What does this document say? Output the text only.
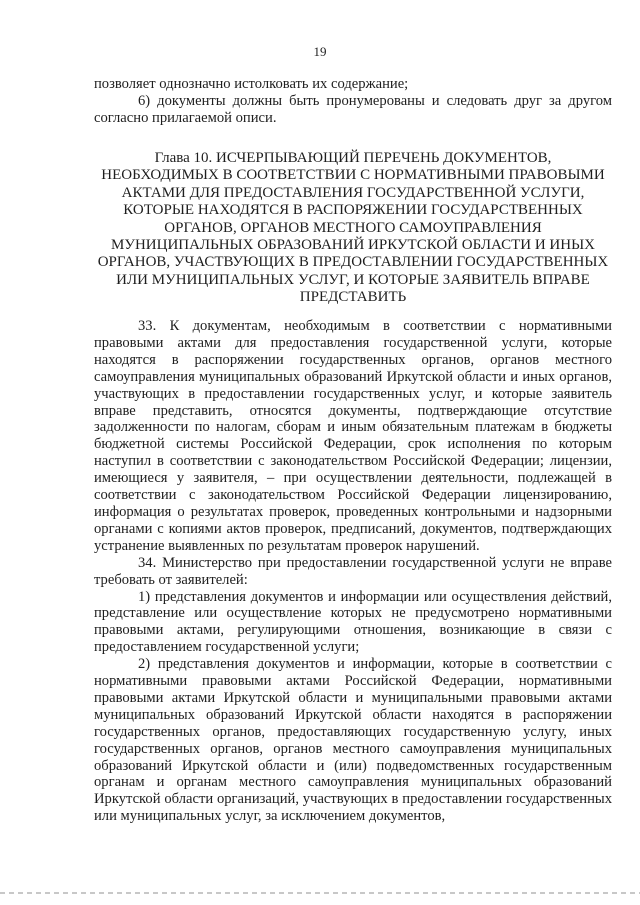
19

позволяет однозначно истолковать их содержание;

6) документы должны быть пронумерованы и следовать друг за другом согласно прилагаемой описи.

Глава 10. ИСЧЕРПЫВАЮЩИЙ ПЕРЕЧЕНЬ ДОКУМЕНТОВ, НЕОБХОДИМЫХ В СООТВЕТСТВИИ С НОРМАТИВНЫМИ ПРАВОВЫМИ АКТАМИ ДЛЯ ПРЕДОСТАВЛЕНИЯ ГОСУДАРСТВЕННОЙ УСЛУГИ, КОТОРЫЕ НАХОДЯТСЯ В РАСПОРЯЖЕНИИ ГОСУДАРСТВЕННЫХ ОРГАНОВ, ОРГАНОВ МЕСТНОГО САМОУПРАВЛЕНИЯ МУНИЦИПАЛЬНЫХ ОБРАЗОВАНИЙ ИРКУТСКОЙ ОБЛАСТИ И ИНЫХ ОРГАНОВ, УЧАСТВУЮЩИХ В ПРЕДОСТАВЛЕНИИ ГОСУДАРСТВЕННЫХ ИЛИ МУНИЦИПАЛЬНЫХ УСЛУГ, И КОТОРЫЕ ЗАЯВИТЕЛЬ ВПРАВЕ ПРЕДСТАВИТЬ

33. К документам, необходимым в соответствии с нормативными правовыми актами для предоставления государственной услуги, которые находятся в распоряжении государственных органов, органов местного самоуправления муниципальных образований Иркутской области и иных органов, участвующих в предоставлении государственных услуг, и которые заявитель вправе представить, относятся документы, подтверждающие отсутствие задолженности по налогам, сборам и иным обязательным платежам в бюджеты бюджетной системы Российской Федерации, срок исполнения по которым наступил в соответствии с законодательством Российской Федерации; лицензии, имеющиеся у заявителя, – при осуществлении деятельности, подлежащей в соответствии с законодательством Российской Федерации лицензированию, информация о результатах проверок, проведенных контрольными и надзорными органами с копиями актов проверок, предписаний, документов, подтверждающих устранение выявленных по результатам проверок нарушений.

34. Министерство при предоставлении государственной услуги не вправе требовать от заявителей:

1) представления документов и информации или осуществления действий, представление или осуществление которых не предусмотрено нормативными правовыми актами, регулирующими отношения, возникающие в связи с предоставлением государственной услуги;

2) представления документов и информации, которые в соответствии с нормативными правовыми актами Российской Федерации, нормативными правовыми актами Иркутской области и муниципальными правовыми актами муниципальных образований Иркутской области находятся в распоряжении государственных органов, предоставляющих государственную услугу, иных государственных органов, органов местного самоуправления муниципальных образований Иркутской области и (или) подведомственных государственным органам и органам местного самоуправления муниципальных образований Иркутской области организаций, участвующих в предоставлении государственных или муниципальных услуг, за исключением документов,
